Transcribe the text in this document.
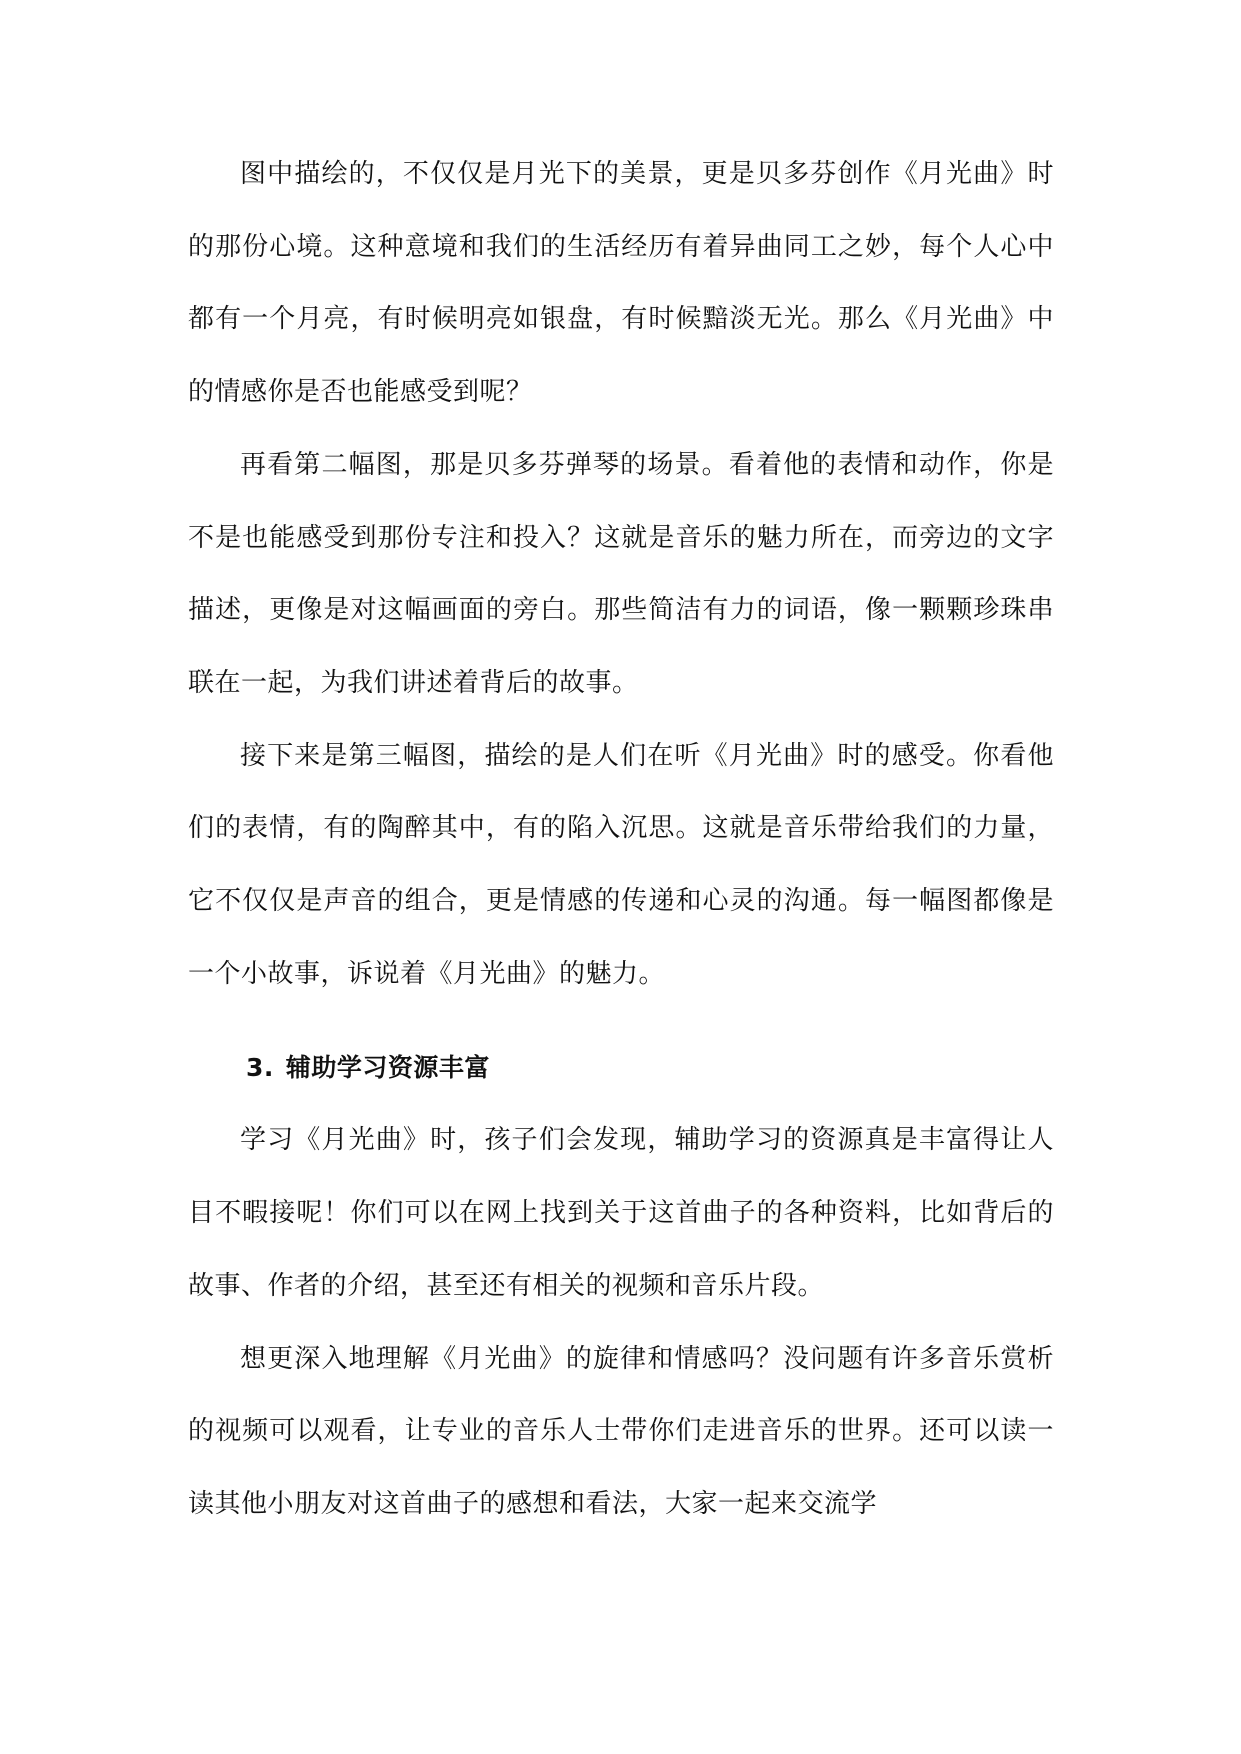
图中描绘的，不仅仅是月光下的美景，更是贝多芬创作《月光曲》时的那份心境。这种意境和我们的生活经历有着异曲同工之妙，每个人心中都有一个月亮，有时候明亮如银盘，有时候黯淡无光。那么《月光曲》中的情感你是否也能感受到呢？

再看第二幅图，那是贝多芬弹琴的场景。看着他的表情和动作，你是不是也能感受到那份专注和投入？这就是音乐的魅力所在，而旁边的文字描述，更像是对这幅画面的旁白。那些简洁有力的词语，像一颗颗珍珠串联在一起，为我们讲述着背后的故事。

接下来是第三幅图，描绘的是人们在听《月光曲》时的感受。你看他们的表情，有的陶醉其中，有的陷入沉思。这就是音乐带给我们的力量，它不仅仅是声音的组合，更是情感的传递和心灵的沟通。每一幅图都像是一个小故事，诉说着《月光曲》的魅力。

3. 辅助学习资源丰富

学习《月光曲》时，孩子们会发现，辅助学习的资源真是丰富得让人目不暇接呢！你们可以在网上找到关于这首曲子的各种资料，比如背后的故事、作者的介绍，甚至还有相关的视频和音乐片段。

想更深入地理解《月光曲》的旋律和情感吗？没问题有许多音乐赏析的视频可以观看，让专业的音乐人士带你们走进音乐的世界。还可以读一读其他小朋友对这首曲子的感想和看法，大家一起来交流学
